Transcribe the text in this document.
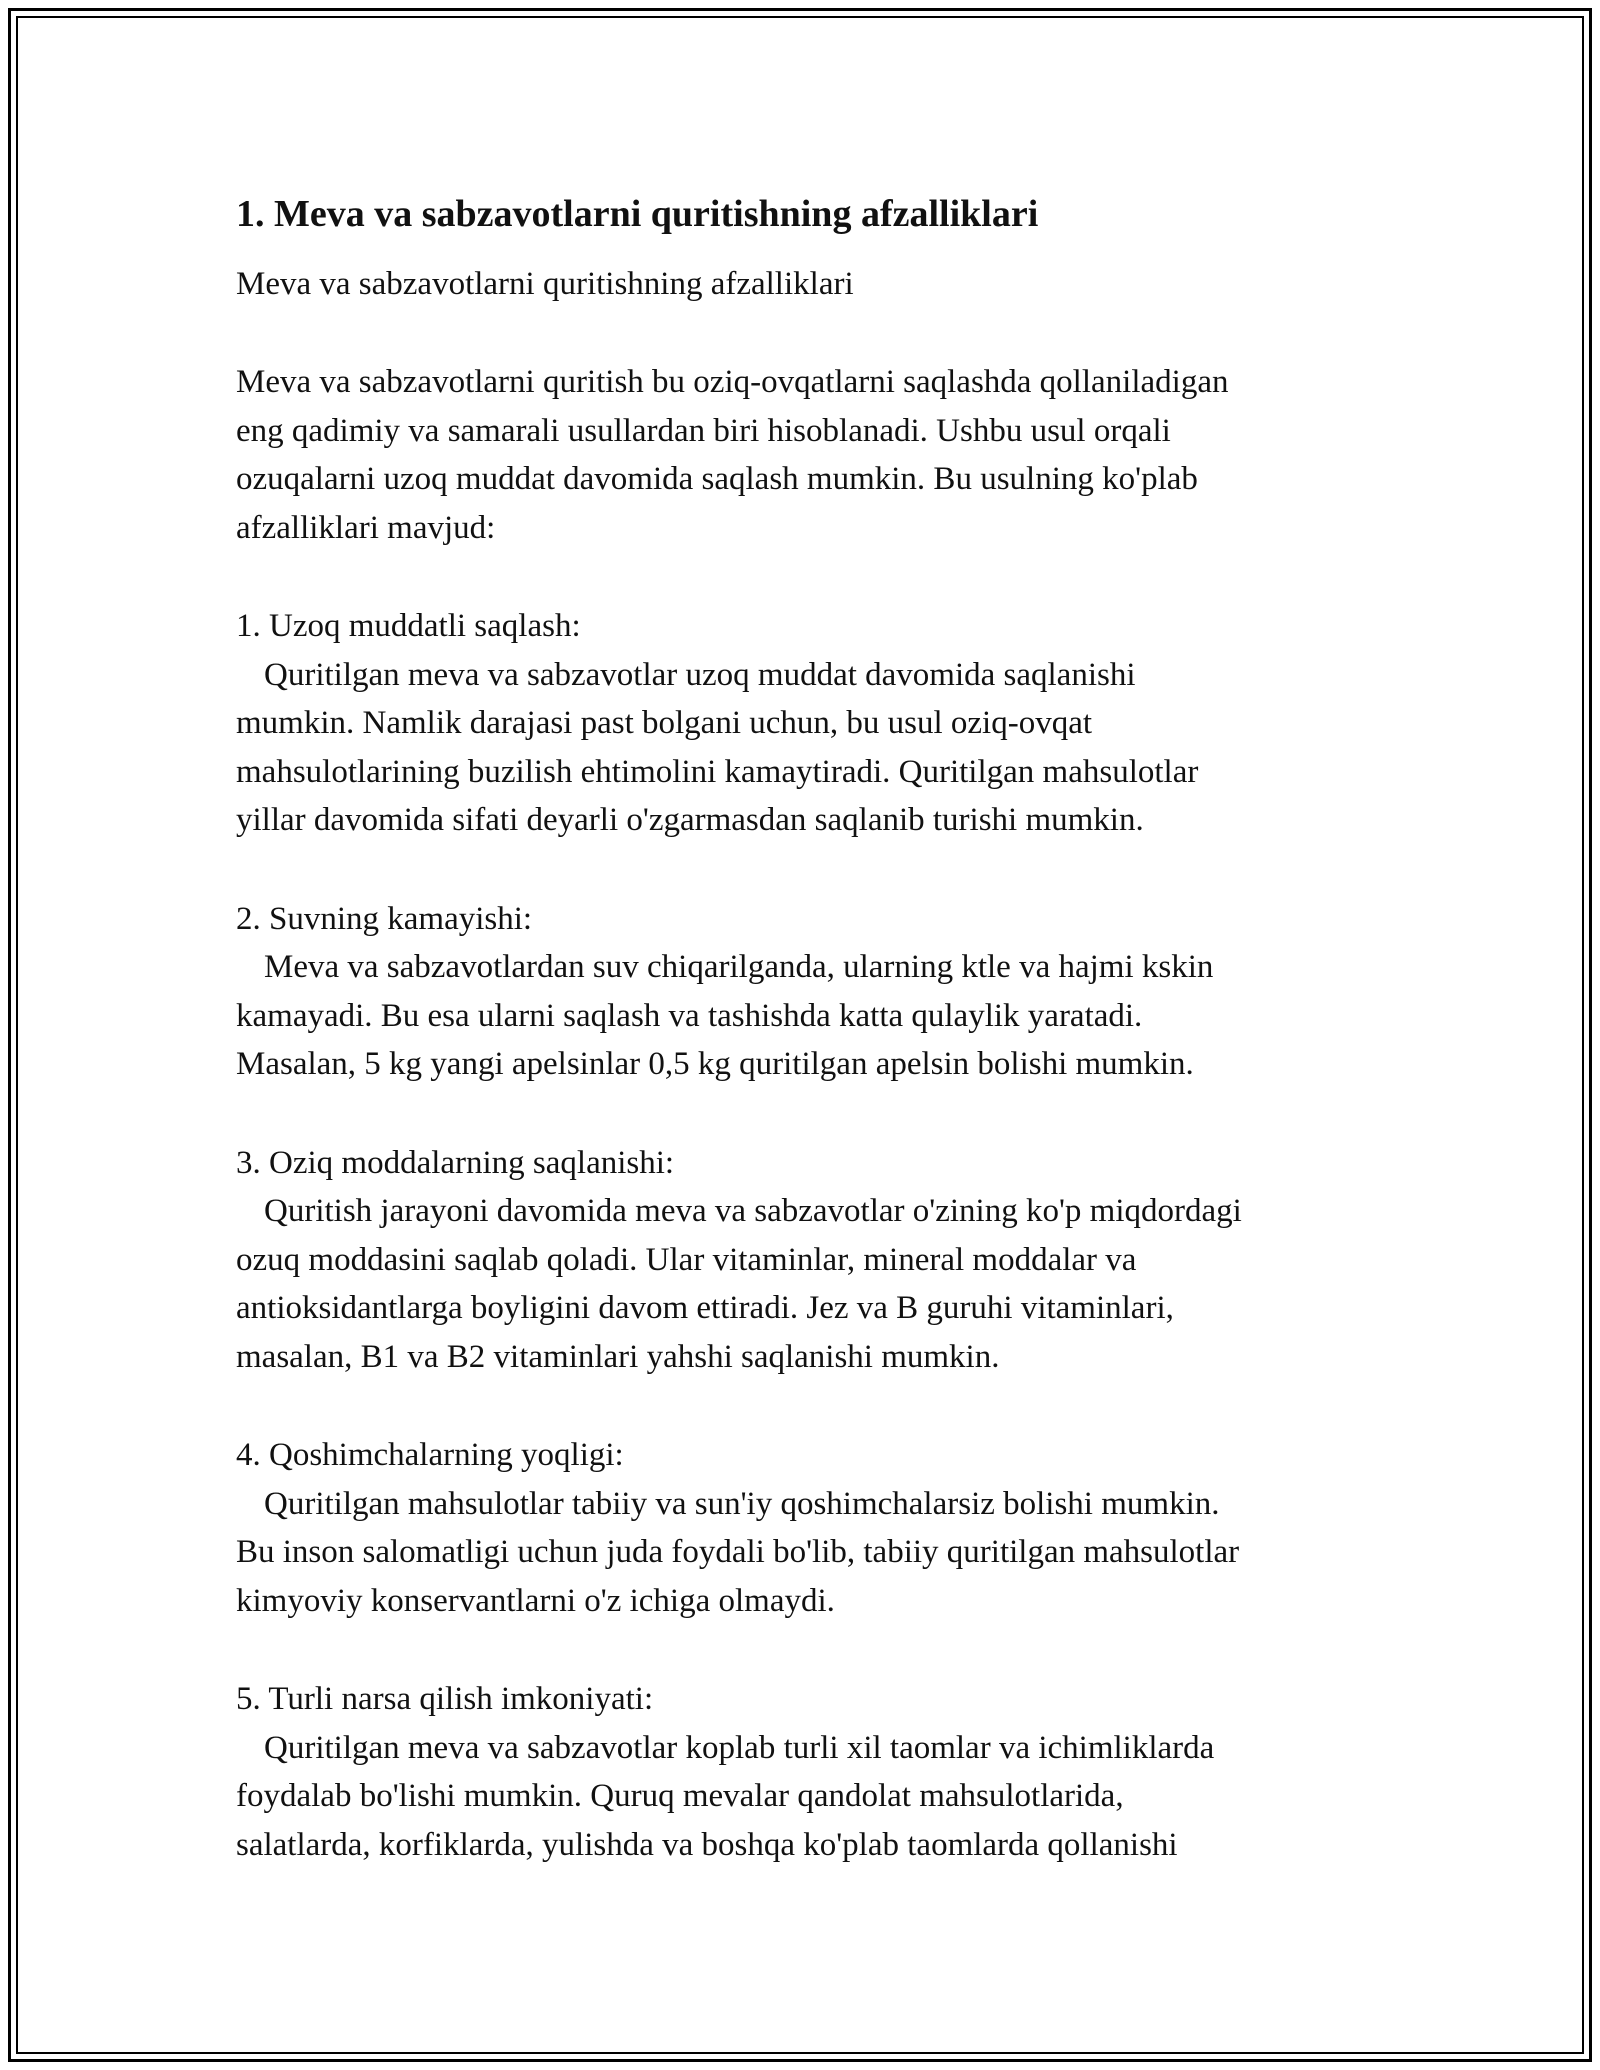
1. Meva va sabzavotlarni quritishning afzalliklari

Meva va sabzavotlarni quritishning afzalliklari

Meva va sabzavotlarni quritish bu oziq-ovqatlarni saqlashda qollaniladigan
eng qadimiy va samarali usullardan biri hisoblanadi. Ushbu usul orqali
ozuqalarni uzoq muddat davomida saqlash mumkin. Bu usulning ko'plab
afzalliklari mavjud:

1. Uzoq muddatli saqlash:

Quritilgan meva va sabzavotlar uzoq muddat davomida saqlanishi
mumkin. Namlik darajasi past bolgani uchun, bu usul oziq-ovqat
mahsulotlarining buzilish ehtimolini kamaytiradi. Quritilgan mahsulotlar
yillar davomida sifati deyarli o'zgarmasdan saqlanib turishi mumkin.

2. Suvning kamayishi:

Meva va sabzavotlardan suv chiqarilganda, ularning ktle va hajmi kskin
kamayadi. Bu esa ularni saqlash va tashishda katta qulaylik yaratadi.
Masalan, 5 kg yangi apelsinlar 0,5 kg quritilgan apelsin bolishi mumkin.

3. Oziq moddalarning saqlanishi:

Quritish jarayoni davomida meva va sabzavotlar o'zining ko'p miqdordagi
ozuq moddasini saqlab qoladi. Ular vitaminlar, mineral moddalar va
antioksidantlarga boyligini davom ettiradi. Jez va B guruhi vitaminlari,
masalan, B1 va B2 vitaminlari yahshi saqlanishi mumkin.

4. Qoshimchalarning yoqligi:

Quritilgan mahsulotlar tabiiy va sun'iy qoshimchalarsiz bolishi mumkin.
Bu inson salomatligi uchun juda foydali bo'lib, tabiiy quritilgan mahsulotlar
kimyoviy konservantlarni o'z ichiga olmaydi.

5. Turli narsa qilish imkoniyati:

Quritilgan meva va sabzavotlar koplab turli xil taomlar va ichimliklarda
foydalab bo'lishi mumkin. Quruq mevalar qandolat mahsulotlarida,
salatlarda, korfiklarda, yulishda va boshqa ko'plab taomlarda qollanishi
